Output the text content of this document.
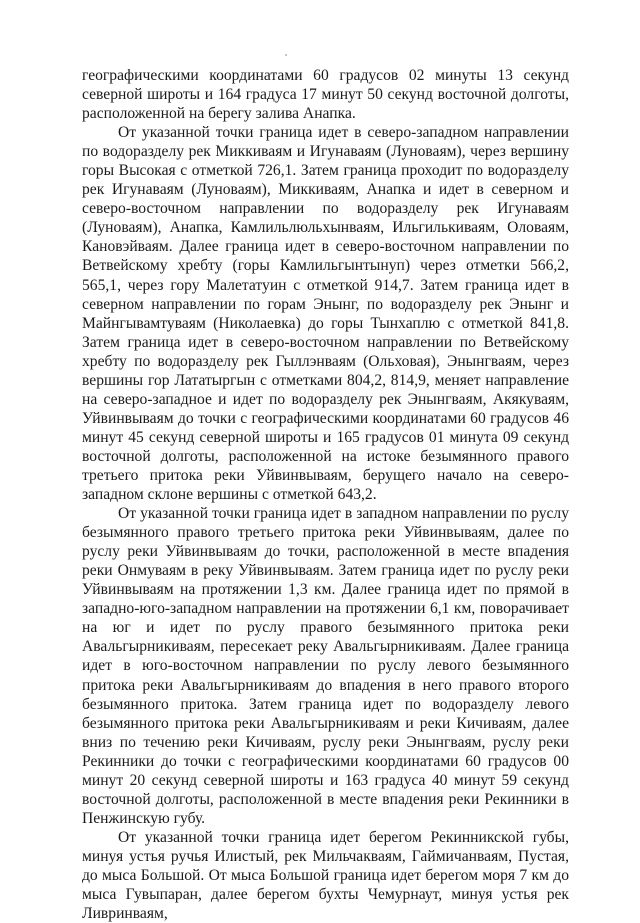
географическими координатами 60 градусов 02 минуты 13 секунд северной широты и 164 градуса 17 минут 50 секунд восточной долготы, расположенной на берегу залива Анапка.

От указанной точки граница идет в северо-западном направлении по водоразделу рек Миккиваям и Игунаваям (Луноваям), через вершину горы Высокая с отметкой 726,1. Затем граница проходит по водоразделу рек Игунаваям (Луноваям), Миккиваям, Анапка и идет в северном и северо-восточном направлении по водоразделу рек Игунаваям (Луноваям), Анапка, Камлильлюльхынваям, Ильгилькиваям, Оловаям, Кановэйваям. Далее граница идет в северо-восточном направлении по Ветвейскому хребту (горы Камлильгынтынуп) через отметки 566,2, 565,1, через гору Малетатуин с отметкой 914,7. Затем граница идет в северном направлении по горам Энынг, по водоразделу рек Энынг и Майнгывамтуваям (Николаевка) до горы Тынхаплю с отметкой 841,8. Затем граница идет в северо-восточном направлении по Ветвейскому хребту по водоразделу рек Гыллэнваям (Ольховая), Энынгваям, через вершины гор Лататыргын с отметками 804,2, 814,9, меняет направление на северо-западное и идет по водоразделу рек Энынгваям, Акякуваям, Уйвинвываям до точки с географическими координатами 60 градусов 46 минут 45 секунд северной широты и 165 градусов 01 минута 09 секунд восточной долготы, расположенной на истоке безымянного правого третьего притока реки Уйвинвываям, берущего начало на северо-западном склоне вершины с отметкой 643,2.

От указанной точки граница идет в западном направлении по руслу безымянного правого третьего притока реки Уйвинвываям, далее по руслу реки Уйвинвываям до точки, расположенной в месте впадения реки Онмуваям в реку Уйвинвываям. Затем граница идет по руслу реки Уйвинвываям на протяжении 1,3 км. Далее граница идет по прямой в западно-юго-западном направлении на протяжении 6,1 км, поворачивает на юг и идет по руслу правого безымянного притока реки Авальгырникиваям, пересекает реку Авальгырникиваям. Далее граница идет в юго-восточном направлении по руслу левого безымянного притока реки Авальгырникиваям до впадения в него правого второго безымянного притока. Затем граница идет по водоразделу левого безымянного притока реки Авальгырникиваям и реки Кичиваям, далее вниз по течению реки Кичиваям, руслу реки Энынгваям, руслу реки Рекинники до точки с географическими координатами 60 градусов 00 минут 20 секунд северной широты и 163 градуса 40 минут 59 секунд восточной долготы, расположенной в месте впадения реки Рекинники в Пенжинскую губу.

От указанной точки граница идет берегом Рекинникской губы, минуя устья ручья Илистый, рек Мильчакваям, Гаймичанваям, Пустая, до мыса Большой. От мыса Большой граница идет берегом моря 7 км до мыса Гувыпаран, далее берегом бухты Чемурнаут, минуя устья рек Ливринваям,
